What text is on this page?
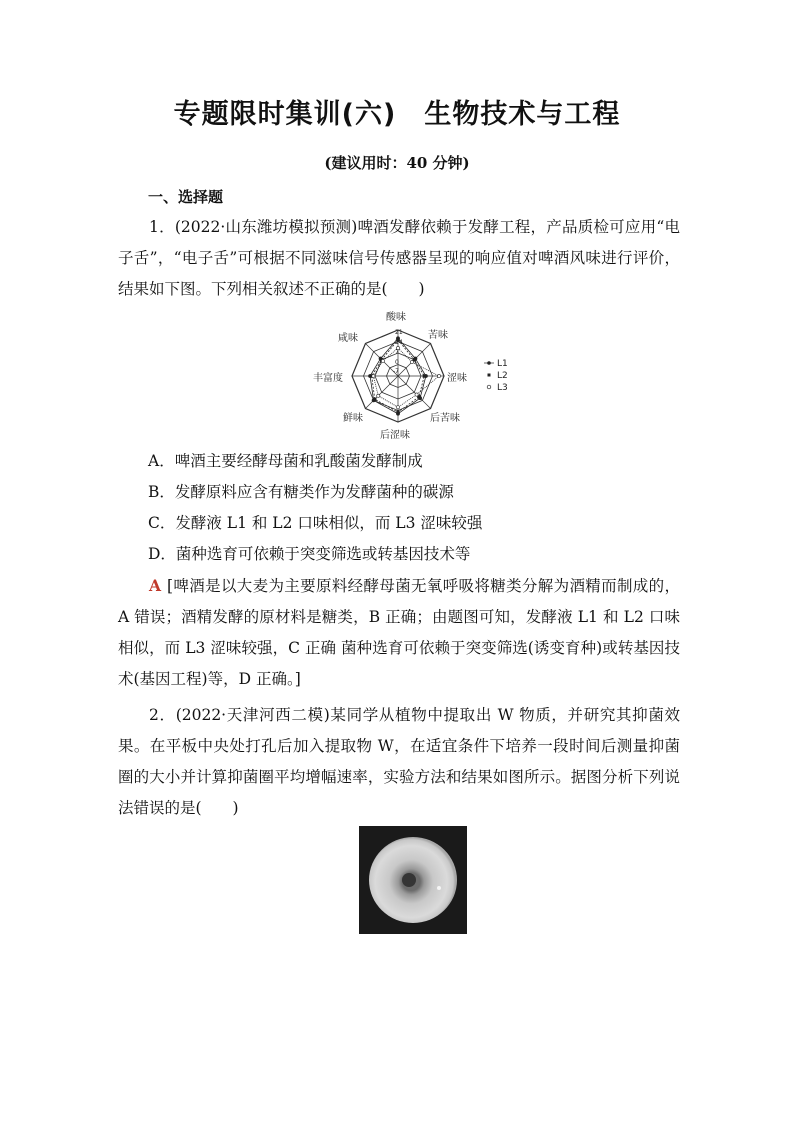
专题限时集训(六)　生物技术与工程
(建议用时：40 分钟)
一、选择题

1．(2022·山东潍坊模拟预测)啤酒发酵依赖于发酵工程，产品质检可应用“电子舌”，“电子舌”可根据不同滋味信号传感器呈现的响应值对啤酒风味进行评价，结果如下图。下列相关叙述不正确的是(　　)

21
14
7
0
-7
酸味
苦味
涩味
后苦味
后涩味
鲜味
丰富度
咸味
L1
L2
L3

A．啤酒主要经酵母菌和乳酸菌发酵制成

B．发酵原料应含有糖类作为发酵菌种的碳源

C．发酵液 L1 和 L2 口味相似，而 L3 涩味较强

D．菌种选育可依赖于突变筛选或转基因技术等

A [啤酒是以大麦为主要原料经酵母菌无氧呼吸将糖类分解为酒精而制成的，A 错误；酒精发酵的原材料是糖类，B 正确；由题图可知，发酵液 L1 和 L2 口味相似，而 L3 涩味较强，C 正确 菌种选育可依赖于突变筛选(诱变育种)或转基因技术(基因工程)等，D 正确。]

2．(2022·天津河西二模)某同学从植物中提取出 W 物质，并研究其抑菌效果。在平板中央处打孔后加入提取物 W，在适宜条件下培养一段时间后测量抑菌圈的大小并计算抑菌圈平均增幅速率，实验方法和结果如图所示。据图分析下列说法错误的是(　　)
